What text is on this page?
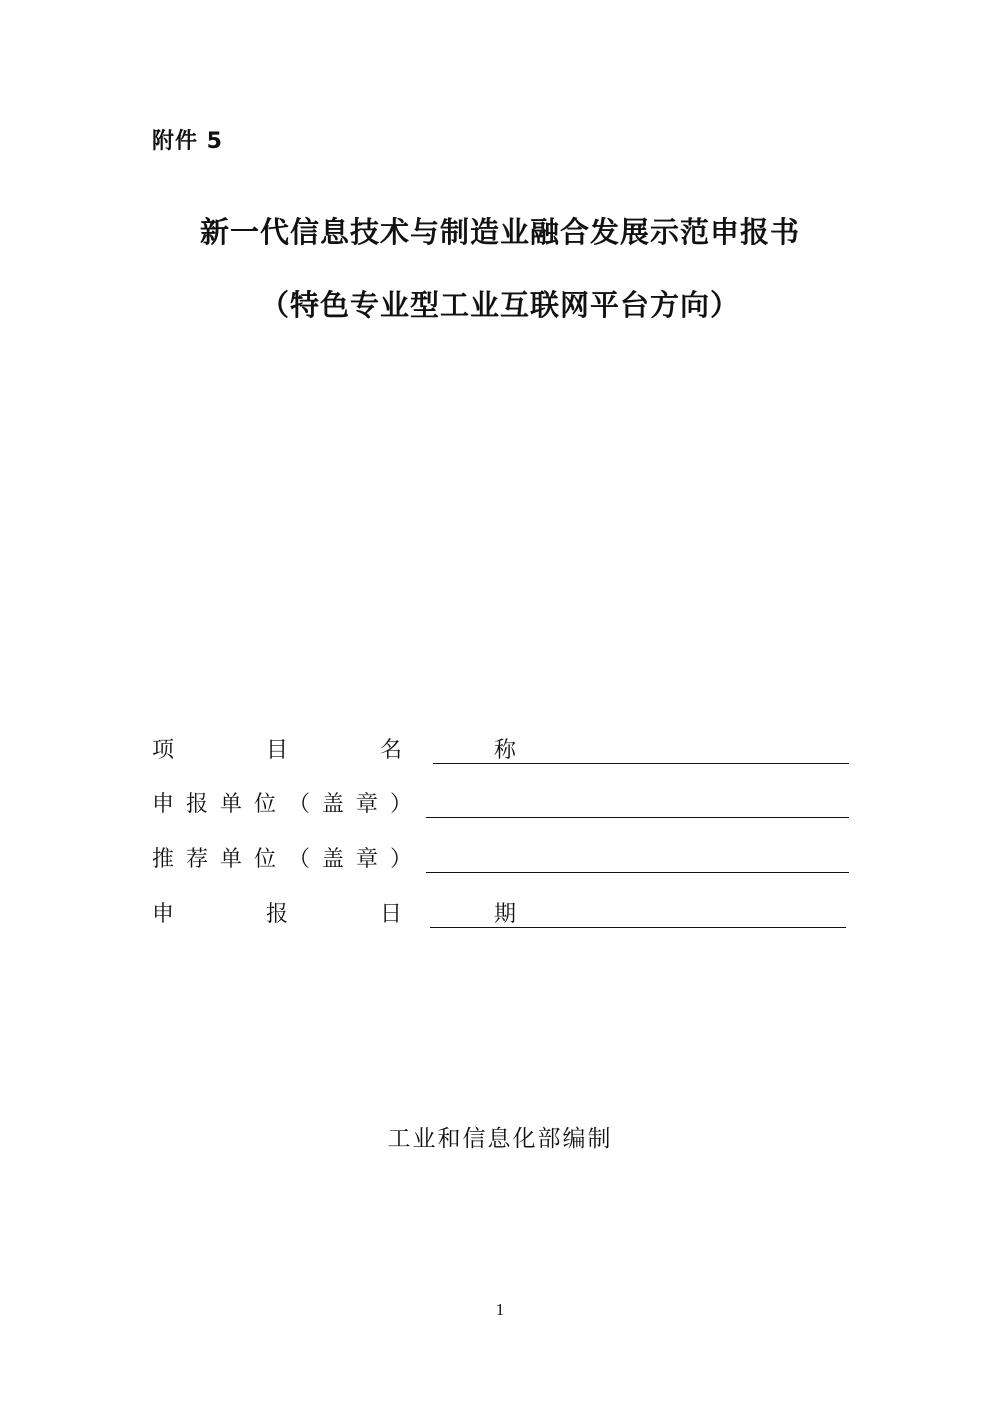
附件 5
新一代信息技术与制造业融合发展示范申报书
（特色专业型工业互联网平台方向）
项  目  名  称
申报单位（盖章）
推荐单位（盖章）
申  报  日  期
工业和信息化部编制
1
